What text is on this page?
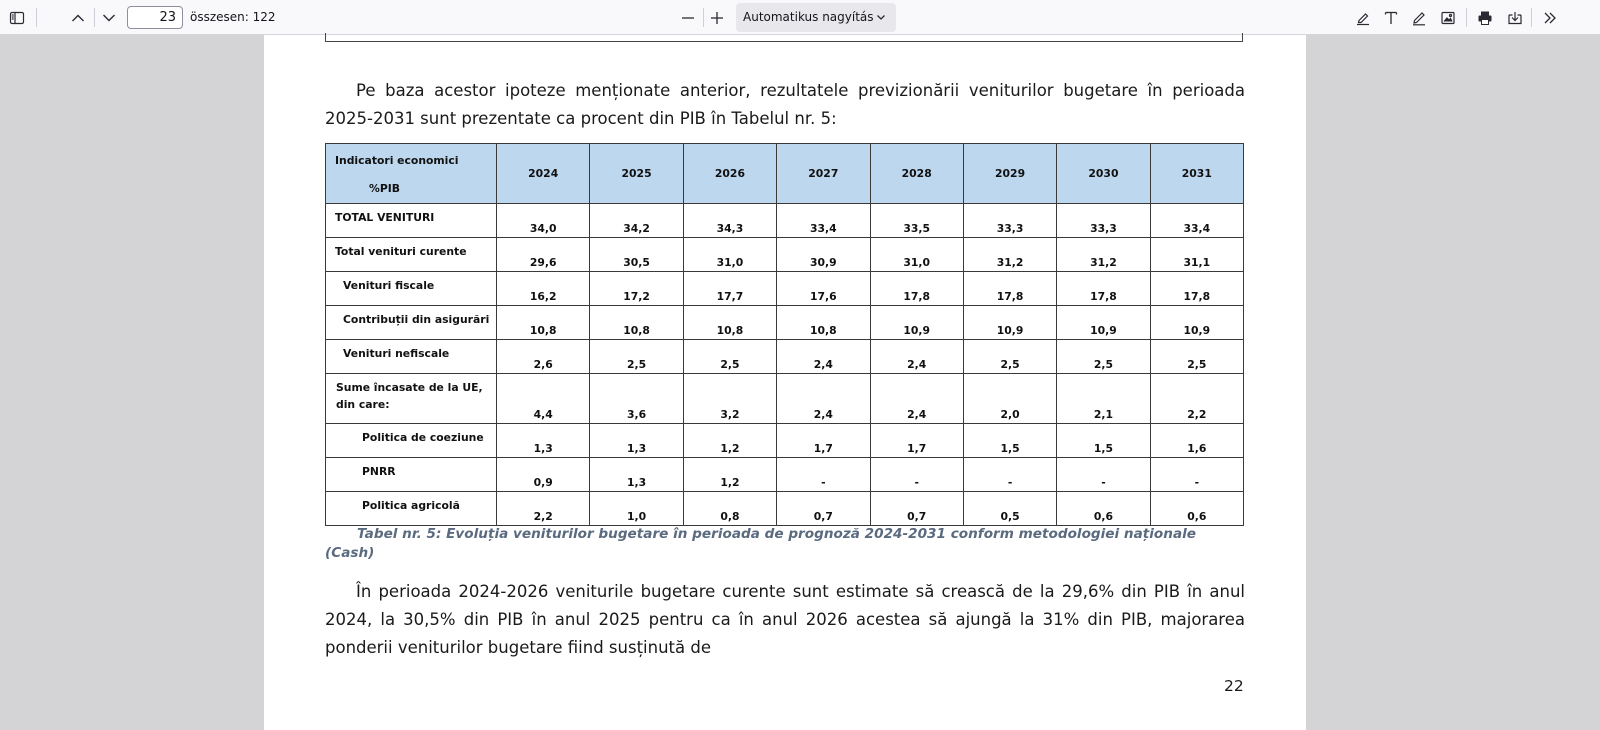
23	összesen: 122	Automatikus nagyítás

Pe baza acestor ipoteze menționate anterior, rezultatele previzionării veniturilor bugetare în perioada 2025-2031 sunt prezentate ca procent din PIB în Tabelul nr. 5:

Indicatori economici
%PIB	2024	2025	2026	2027	2028	2029	2030	2031
TOTAL VENITURI	34,0	34,2	34,3	33,4	33,5	33,3	33,3	33,4
Total venituri curente	29,6	30,5	31,0	30,9	31,0	31,2	31,2	31,1
Venituri fiscale	16,2	17,2	17,7	17,6	17,8	17,8	17,8	17,8
Contribuții din asigurări	10,8	10,8	10,8	10,8	10,9	10,9	10,9	10,9
Venituri nefiscale	2,6	2,5	2,5	2,4	2,4	2,5	2,5	2,5

Sume încasate de la UE,
din care:	4,4	3,6	3,2	2,4	2,4	2,0	2,1	2,2
Politica de coeziune	1,3	1,3	1,2	1,7	1,7	1,5	1,5	1,6
PNRR	0,9	1,3	1,2	-	-	-	-	-
Politica agricolă	2,2	1,0	0,8	0,7	0,7	0,5	0,6	0,6

Tabel nr. 5: Evoluția veniturilor bugetare în perioada de prognoză 2024-2031 conform metodologiei naționale (Cash)

În perioada 2024-2026 veniturile bugetare curente sunt estimate să crească de la 29,6% din PIB în anul 2024, la 30,5% din PIB în anul 2025 pentru ca în anul 2026 acestea să ajungă la 31% din PIB, majorarea ponderii veniturilor bugetare fiind susținută de

22
